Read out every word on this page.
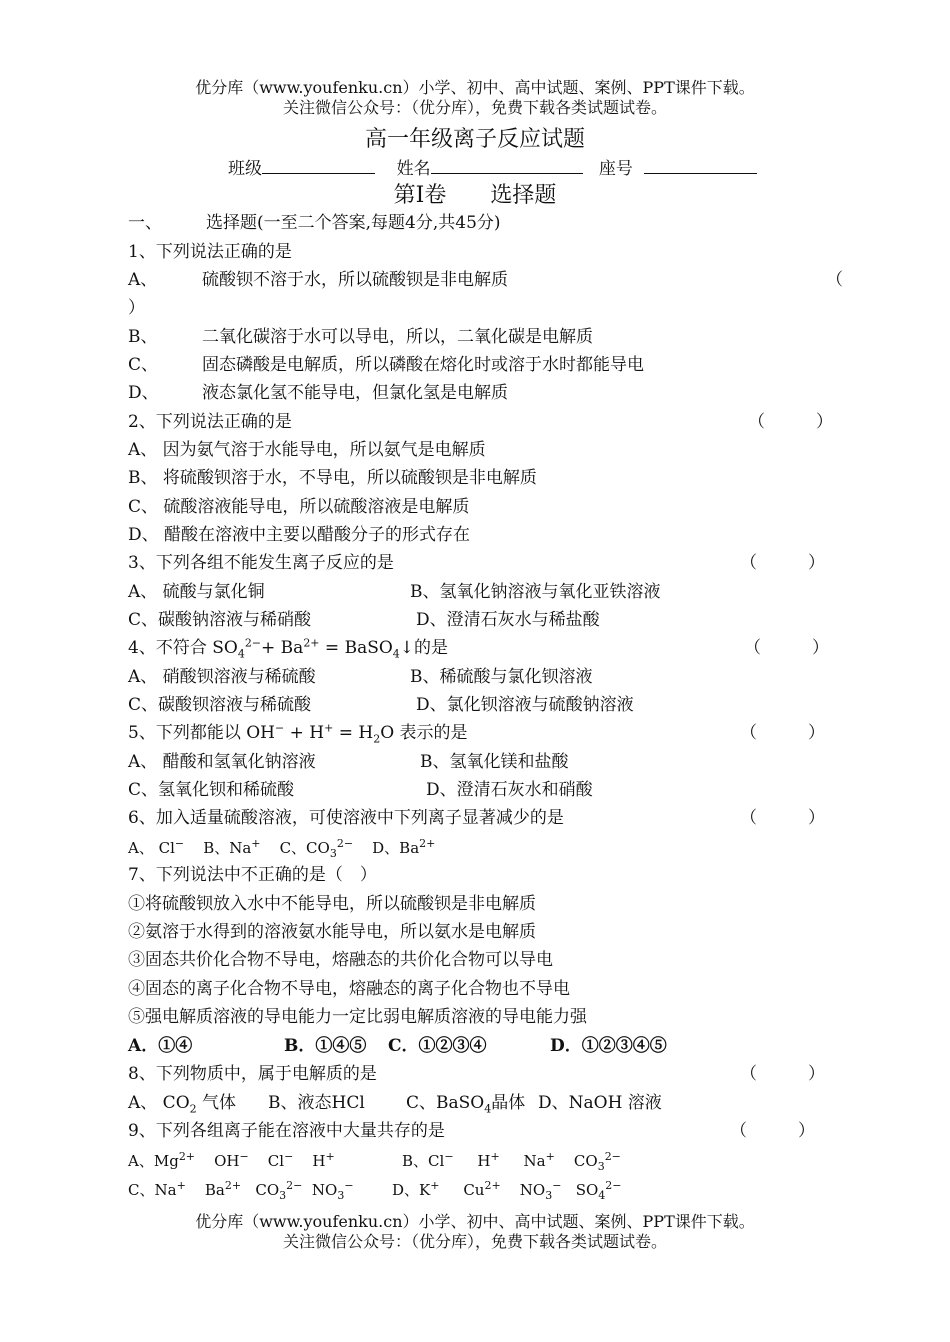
优分库（www.youfenku.cn）小学、初中、高中试题、案例、PPT课件下载。
关注微信公众号：（优分库），免费下载各类试题试卷。
高一年级离子反应试题
班级	姓名	座号
第Ⅰ卷　　选择题
一、	选择题(一至二个答案,每题4分,共45分)
1、下列说法正确的是
A、	硫酸钡不溶于水，所以硫酸钡是非电解质	（
）
B、	二氧化碳溶于水可以导电，所以，二氧化碳是电解质
C、	固态磷酸是电解质，所以磷酸在熔化时或溶于水时都能导电
D、	液态氯化氢不能导电，但氯化氢是电解质
2、下列说法正确的是	（　　　）
A、 因为氨气溶于水能导电，所以氨气是电解质
B、 将硫酸钡溶于水，不导电，所以硫酸钡是非电解质
C、 硫酸溶液能导电，所以硫酸溶液是电解质
D、 醋酸在溶液中主要以醋酸分子的形式存在
3、下列各组不能发生离子反应的是	（　　　）
A、 硫酸与氯化铜	B、氢氧化钠溶液与氧化亚铁溶液
C、碳酸钠溶液与稀硝酸	D、澄清石灰水与稀盐酸
4、不符合 $SO_4^{2-}+ Ba^{2+}$ = BaSO$_4$↓的是	（　　　）
A、 硝酸钡溶液与稀硫酸	B、稀硫酸与氯化钡溶液
C、碳酸钡溶液与稀硫酸	D、氯化钡溶液与硫酸钠溶液
5、下列都能以 $OH^- + H^+ = H_2O$ 表示的是	（　　　）
A、 醋酸和氢氧化钠溶液	B、氢氧化镁和盐酸
C、氢氧化钡和稀硫酸	D、澄清石灰水和硝酸
6、加入适量硫酸溶液，可使溶液中下列离子显著减少的是	（　　　）
A、 Cl− B、Na+ C、$CO_3^{2-}$ D、$Ba^{2+}$
7、下列说法中不正确的是（　）
①将硫酸钡放入水中不能导电，所以硫酸钡是非电解质
②氨溶于水得到的溶液氨水能导电，所以氨水是电解质
③固态共价化合物不导电，熔融态的共价化合物可以导电
④固态的离子化合物不导电，熔融态的离子化合物也不导电
⑤强电解质溶液的导电能力一定比弱电解质溶液的导电能力强
A．①④	B．①④⑤ C．①②③④	D．①②③④⑤
8、下列物质中，属于电解质的是	（　　　）
A、 $CO_2$ 气体 B、液态HCl C、BaSO$_4$晶体 D、NaOH 溶液
9、下列各组离子能在溶液中大量共存的是	（　　　）
A、$Mg^{2+}$ OH− Cl− H+	B、Cl− H+ Na+ $CO_3^{2-}$
C、Na+ $Ba^{2+}$ $CO_3^{2-}$ $NO_3^-$	D、K+ $Cu^{2+}$ $NO_3^-$ $SO_4^{2-}$
优分库（www.youfenku.cn）小学、初中、高中试题、案例、PPT课件下载。
关注微信公众号：（优分库），免费下载各类试题试卷。
